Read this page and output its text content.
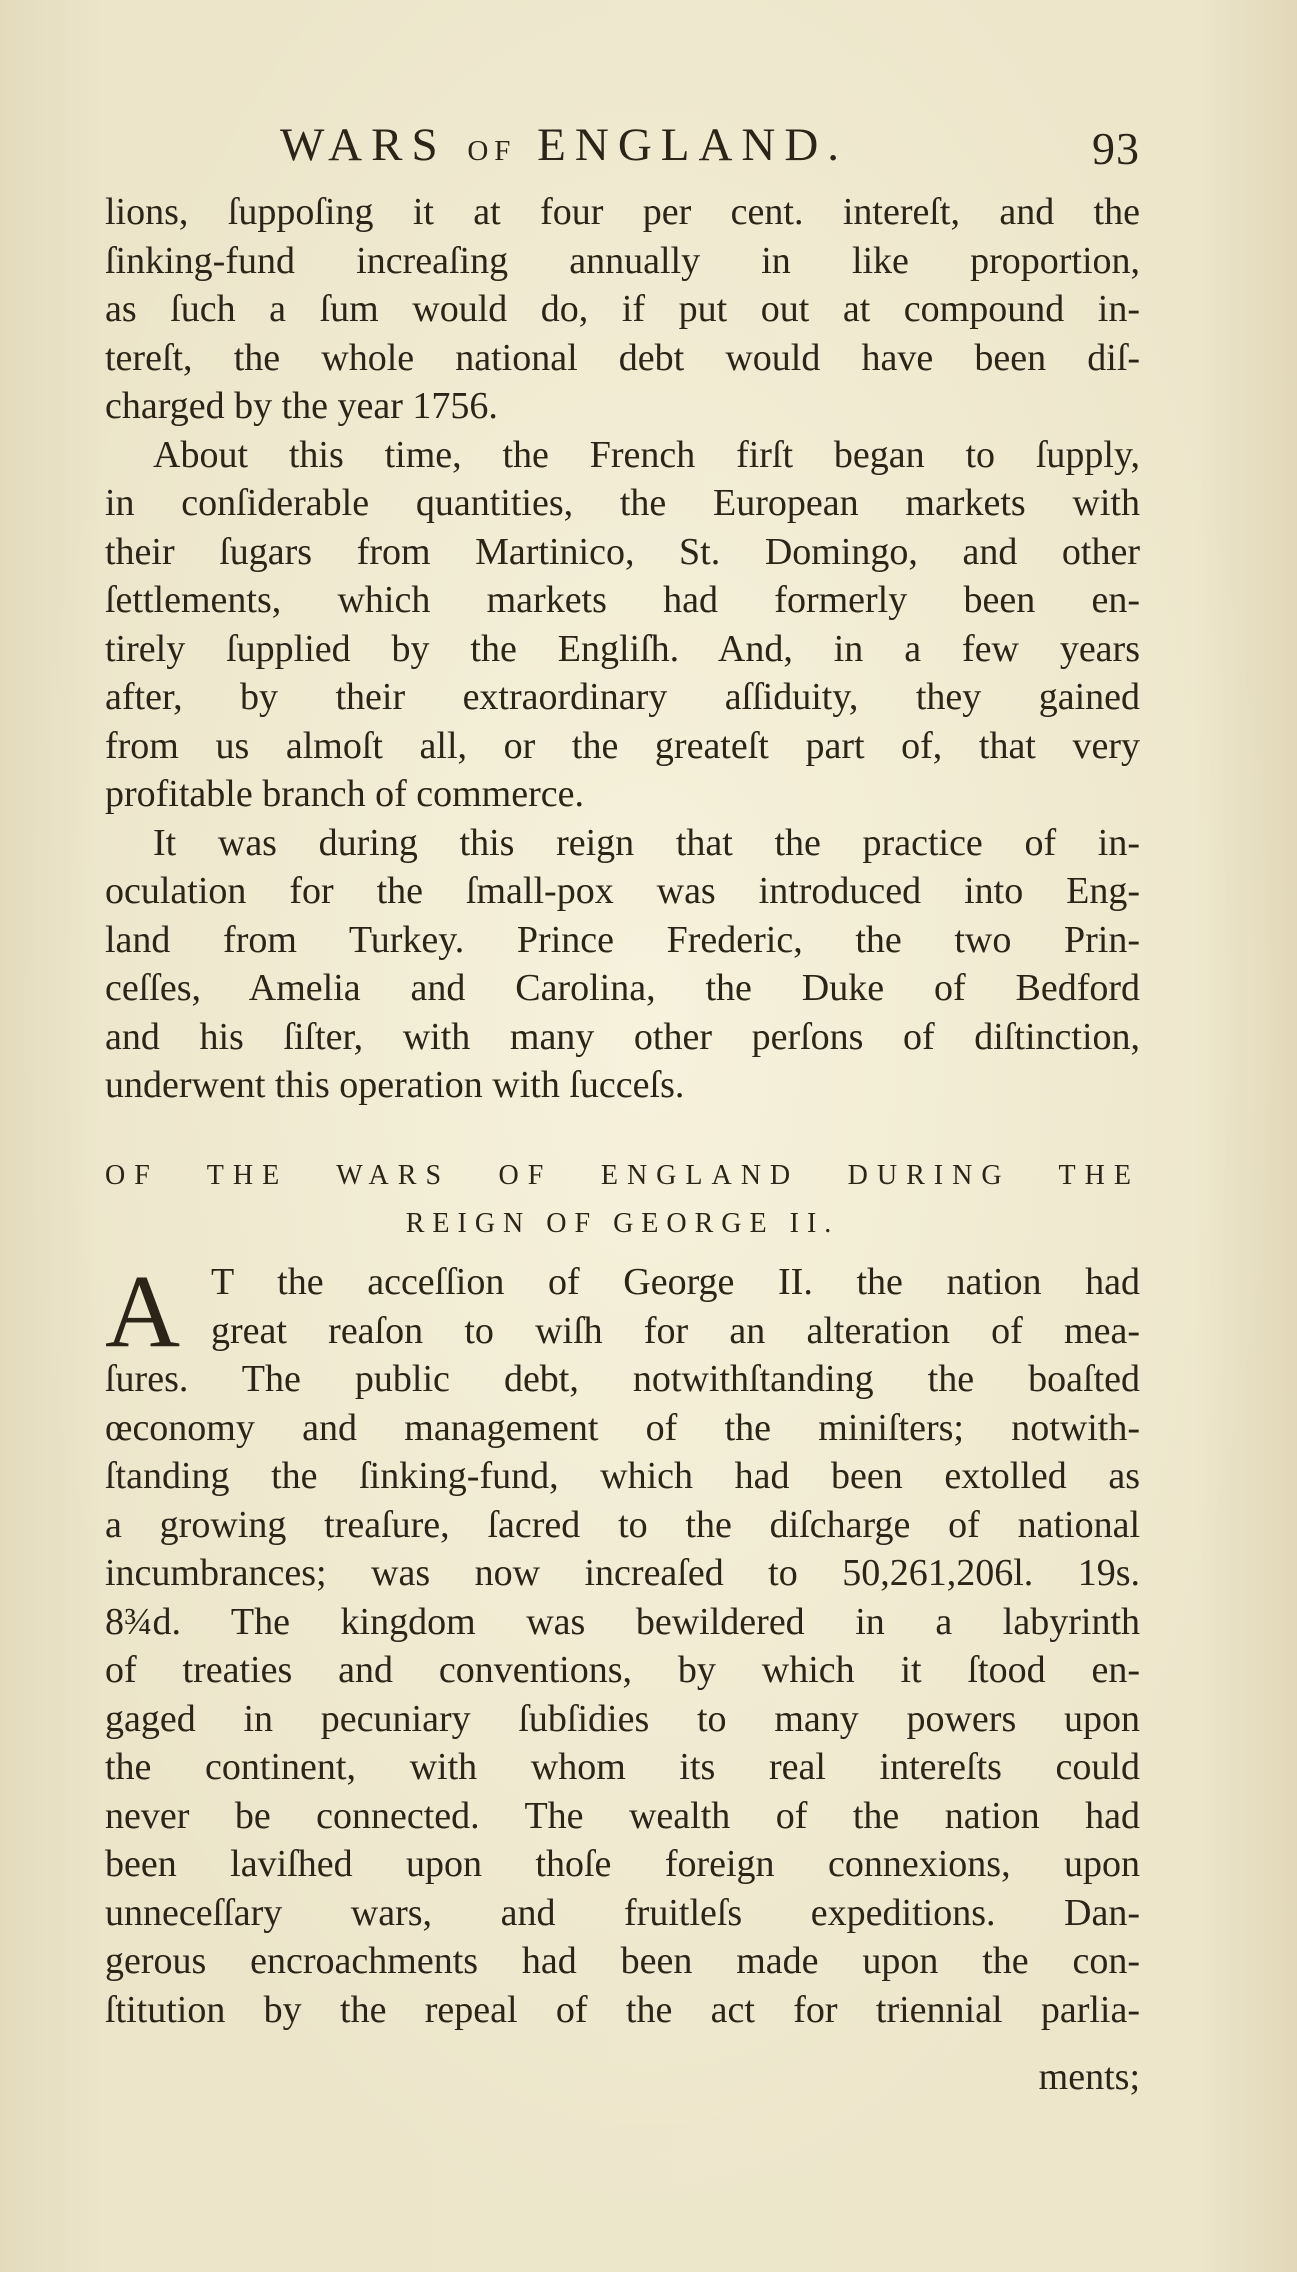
WARS OF ENGLAND.	93
lions, ſuppoſing it at four per cent. intereſt, and the
ſinking-fund increaſing annually in like proportion,
as ſuch a ſum would do, if put out at compound in-
tereſt, the whole national debt would have been diſ-
charged by the year 1756.
About this time, the French firſt began to ſupply,
in conſiderable quantities, the European markets with
their ſugars from Martinico, St. Domingo, and other
ſettlements, which markets had formerly been en-
tirely ſupplied by the Engliſh. And, in a few years
after, by their extraordinary aſſiduity, they gained
from us almoſt all, or the greateſt part of, that very
profitable branch of commerce.
It was during this reign that the practice of in-
oculation for the ſmall-pox was introduced into Eng-
land from Turkey. Prince Frederic, the two Prin-
ceſſes, Amelia and Carolina, the Duke of Bedford
and his ſiſter, with many other perſons of diſtinction,
underwent this operation with ſucceſs.
OF THE WARS OF ENGLAND DURING THE
REIGN OF GEORGE II.
A T the acceſſion of George II. the nation had
great reaſon to wiſh for an alteration of mea-
ſures. The public debt, notwithſtanding the boaſted
œconomy and management of the miniſters; notwith-
ſtanding the ſinking-fund, which had been extolled as
a growing treaſure, ſacred to the diſcharge of national
incumbrances; was now increaſed to 50,261,206l. 19s.
8¾d. The kingdom was bewildered in a labyrinth
of treaties and conventions, by which it ſtood en-
gaged in pecuniary ſubſidies to many powers upon
the continent, with whom its real intereſts could
never be connected. The wealth of the nation had
been laviſhed upon thoſe foreign connexions, upon
unneceſſary wars, and fruitleſs expeditions. Dan-
gerous encroachments had been made upon the con-
ſtitution by the repeal of the act for triennial parlia-
ments;
